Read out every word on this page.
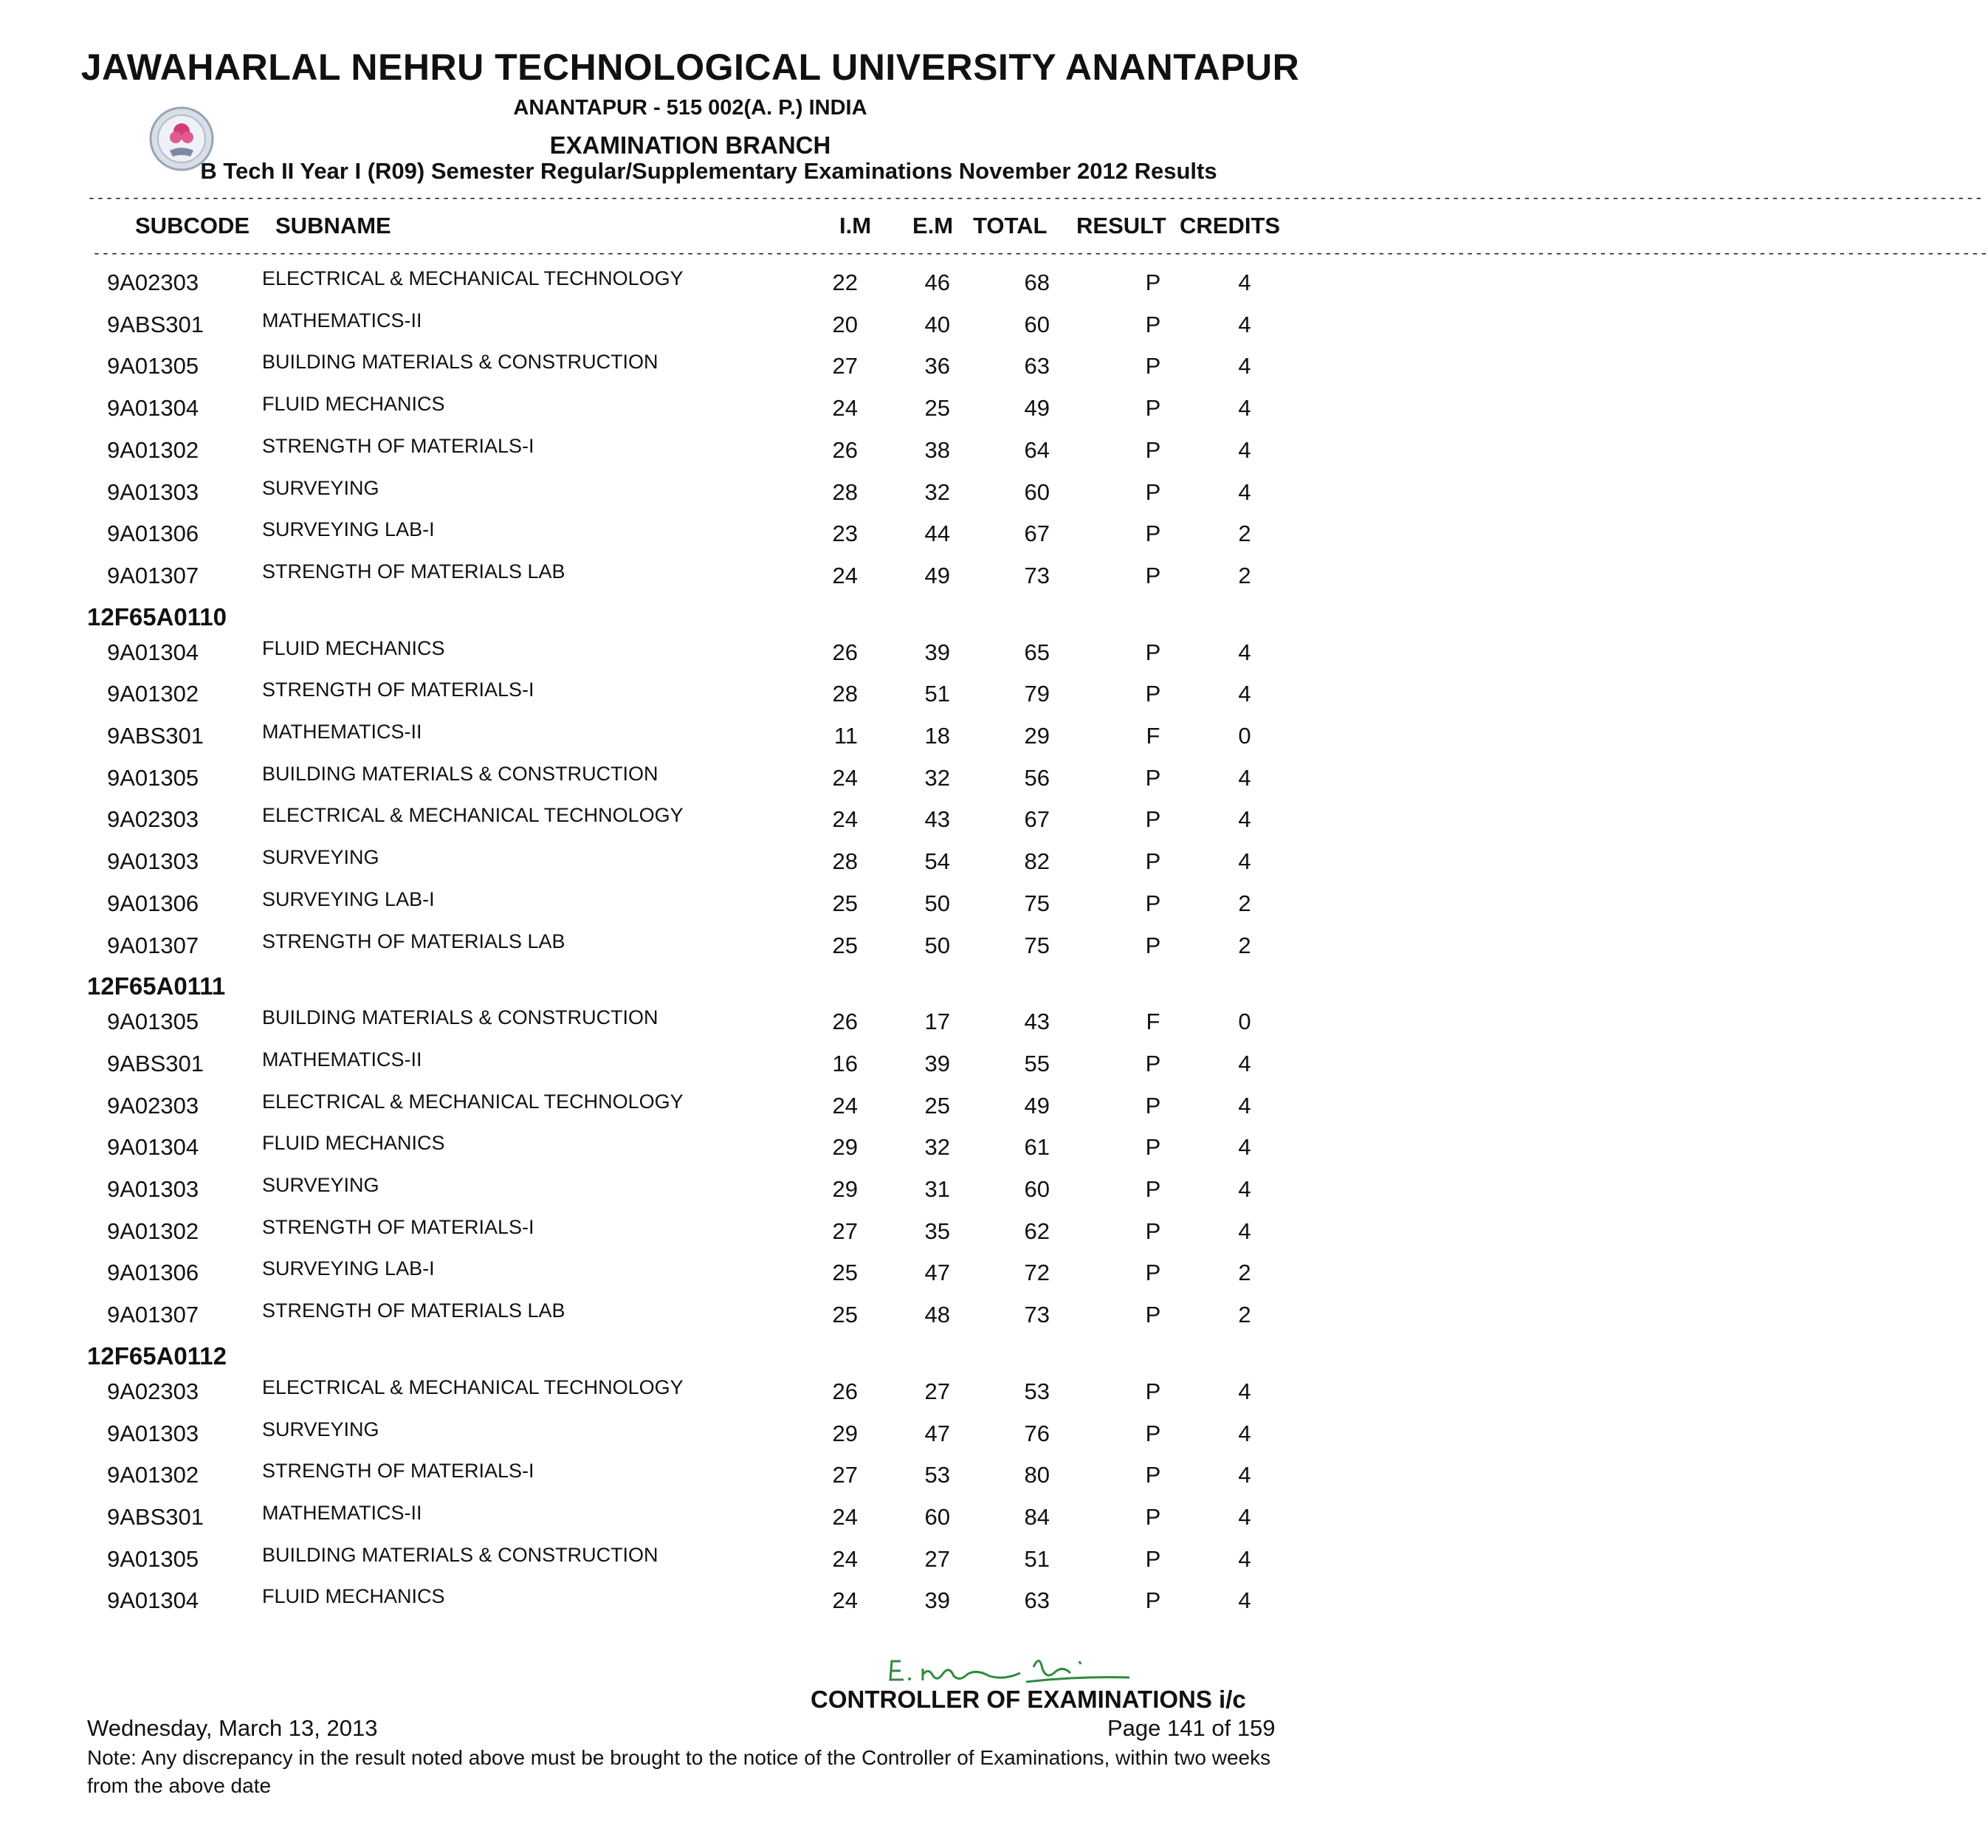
JAWAHARLAL NEHRU TECHNOLOGICAL UNIVERSITY ANANTAPUR
ANANTAPUR - 515 002(A. P.) INDIA
EXAMINATION BRANCH
B Tech II Year I (R09) Semester Regular/Supplementary Examinations November 2012 Results
----------------------------------------------------------------------------------------------------------------------------------------------------------------------------------------------------------------------
SUBCODE SUBNAME	I.M E.M TOTAL RESULT CREDITS
----------------------------------------------------------------------------------------------------------------------------------------------------------------------------------------------------------------------
9A02303	ELECTRICAL & MECHANICAL TECHNOLOGY	22	46	68	P	4
9ABS301	MATHEMATICS-II	20	40	60	P	4
9A01305	BUILDING MATERIALS & CONSTRUCTION	27	36	63	P	4
9A01304	FLUID MECHANICS	24	25	49	P	4
9A01302	STRENGTH OF MATERIALS-I	26	38	64	P	4
9A01303	SURVEYING	28	32	60	P	4
9A01306	SURVEYING LAB-I	23	44	67	P	2
9A01307	STRENGTH OF MATERIALS LAB	24	49	73	P	2
12F65A0110
9A01304	FLUID MECHANICS	26	39	65	P	4
9A01302	STRENGTH OF MATERIALS-I	28	51	79	P	4
9ABS301	MATHEMATICS-II	11	18	29	F	0
9A01305	BUILDING MATERIALS & CONSTRUCTION	24	32	56	P	4
9A02303	ELECTRICAL & MECHANICAL TECHNOLOGY	24	43	67	P	4
9A01303	SURVEYING	28	54	82	P	4
9A01306	SURVEYING LAB-I	25	50	75	P	2
9A01307	STRENGTH OF MATERIALS LAB	25	50	75	P	2
12F65A0111
9A01305	BUILDING MATERIALS & CONSTRUCTION	26	17	43	F	0
9ABS301	MATHEMATICS-II	16	39	55	P	4
9A02303	ELECTRICAL & MECHANICAL TECHNOLOGY	24	25	49	P	4
9A01304	FLUID MECHANICS	29	32	61	P	4
9A01303	SURVEYING	29	31	60	P	4
9A01302	STRENGTH OF MATERIALS-I	27	35	62	P	4
9A01306	SURVEYING LAB-I	25	47	72	P	2
9A01307	STRENGTH OF MATERIALS LAB	25	48	73	P	2
12F65A0112
9A02303	ELECTRICAL & MECHANICAL TECHNOLOGY	26	27	53	P	4
9A01303	SURVEYING	29	47	76	P	4
9A01302	STRENGTH OF MATERIALS-I	27	53	80	P	4
9ABS301	MATHEMATICS-II	24	60	84	P	4
9A01305	BUILDING MATERIALS & CONSTRUCTION	24	27	51	P	4
9A01304	FLUID MECHANICS	24	39	63	P	4
CONTROLLER OF EXAMINATIONS i/c
Wednesday, March 13, 2013	Page 141 of 159
Note: Any discrepancy in the result noted above must be brought to the notice of the Controller of Examinations, within two weeks from the above date
